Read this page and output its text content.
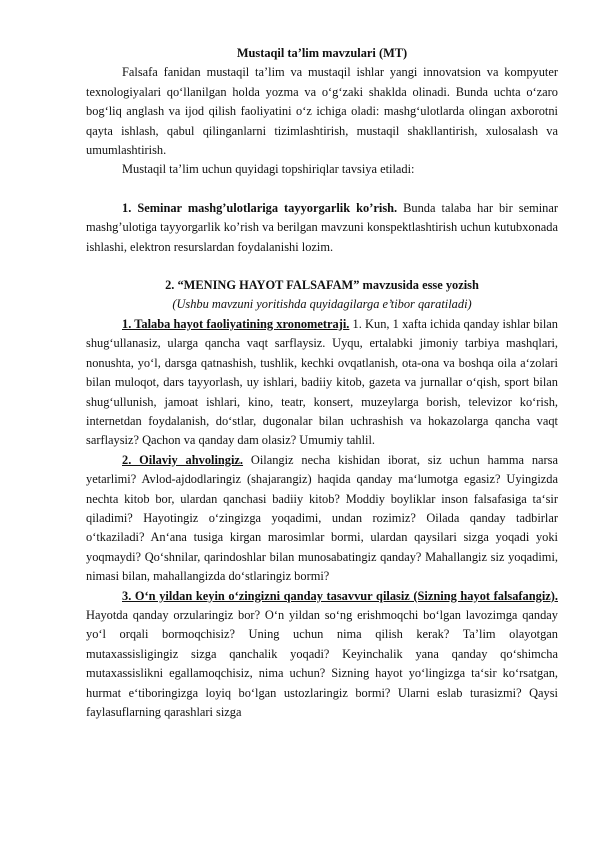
Mustaqil ta’lim mavzulari (MT)

Falsafa fanidan mustaqil ta’lim va mustaqil ishlar yangi innovatsion va kompyuter texnologiyalari qo‘llanilgan holda yozma va o‘g‘zaki shaklda olinadi. Bunda uchta o‘zaro bog‘liq anglash va ijod qilish faoliyatini o‘z ichiga oladi: mashg‘ulotlarda olingan axborotni qayta ishlash, qabul qilinganlarni tizimlashtirish, mustaqil shakllantirish, xulosalash va umumlashtirish.

Mustaqil ta’lim uchun quyidagi topshiriqlar tavsiya etiladi:

1. Seminar mashg’ulotlariga tayyorgarlik ko’rish. Bunda talaba har bir seminar mashg’ulotiga tayyorgarlik ko’rish va berilgan mavzuni konspektlashtirish uchun kutubxonada ishlashi, elektron resurslardan foydalanishi lozim.

2. “MENING HAYOT FALSAFAM” mavzusida esse yozish

(Ushbu mavzuni yoritishda quyidagilarga e’tibor qaratiladi)

1. Talaba hayot faoliyatining xronometraji. 1. Kun, 1 xafta ichida qanday ishlar bilan shug‘ullanasiz, ularga qancha vaqt sarflaysiz. Uyqu, ertalabki jimoniy tarbiya mashqlari, nonushta, yo‘l, darsga qatnashish, tushlik, kechki ovqatlanish, ota-ona va boshqa oila a‘zolari bilan muloqot, dars tayyorlash, uy ishlari, badiiy kitob, gazeta va jurnallar o‘qish, sport bilan shug‘ullunish, jamoat ishlari, kino, teatr, konsert, muzeylarga borish, televizor ko‘rish, internetdan foydalanish, do‘stlar, dugonalar bilan uchrashish va hokazolarga qancha vaqt sarflaysiz? Qachon va qanday dam olasiz? Umumiy tahlil.

2. Oilaviy ahvolingiz. Oilangiz necha kishidan iborat, siz uchun hamma narsa yetarlimi? Avlod-ajdodlaringiz (shajarangiz) haqida qanday ma‘lumotga egasiz? Uyingizda nechta kitob bor, ulardan qanchasi badiiy kitob? Moddiy boyliklar inson falsafasiga ta‘sir qiladimi? Hayotingiz o‘zingizga yoqadimi, undan rozimiz? Oilada qanday tadbirlar o‘tkaziladi? An‘ana tusiga kirgan marosimlar bormi, ulardan qaysilari sizga yoqadi yoki yoqmaydi? Qo‘shnilar, qarindoshlar bilan munosabatingiz qanday? Mahallangiz siz yoqadimi, nimasi bilan, mahallangizda do‘stlaringiz bormi?

3. O‘n yildan keyin o‘zingizni qanday tasavvur qilasiz (Sizning hayot falsafangiz). Hayotda qanday orzularingiz bor? O‘n yildan so‘ng erishmoqchi bo‘lgan lavozimga qanday yo‘l orqali bormoqchisiz? Uning uchun nima qilish kerak? Ta’lim olayotgan mutaxassisligingiz sizga qanchalik yoqadi? Keyinchalik yana qanday qo‘shimcha mutaxassislikni egallamoqchisiz, nima uchun? Sizning hayot yo‘lingizga ta‘sir ko‘rsatgan, hurmat e‘tiboringizga loyiq bo‘lgan ustozlaringiz bormi? Ularni eslab turasizmi? Qaysi faylasuflarning qarashlari sizga
